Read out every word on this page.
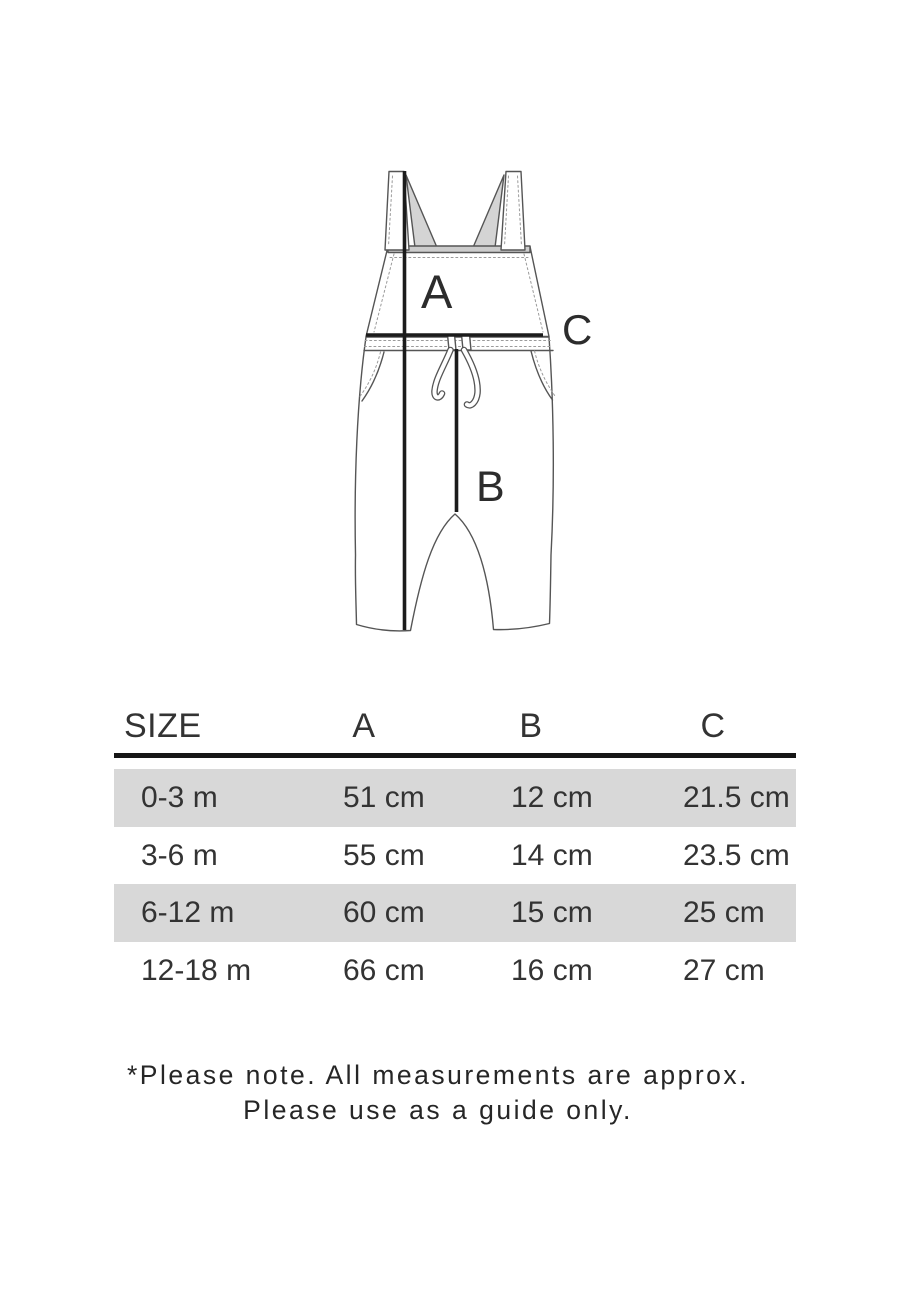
A
B
C
SIZE	A	B	C
0-3 m	51 cm	12 cm	21.5 cm
3-6 m	55 cm	14 cm	23.5 cm
6-12 m	60 cm	15 cm	25 cm
12-18 m	66 cm	16 cm	27 cm
*Please note. All measurements are approx.
Please use as a guide only.
